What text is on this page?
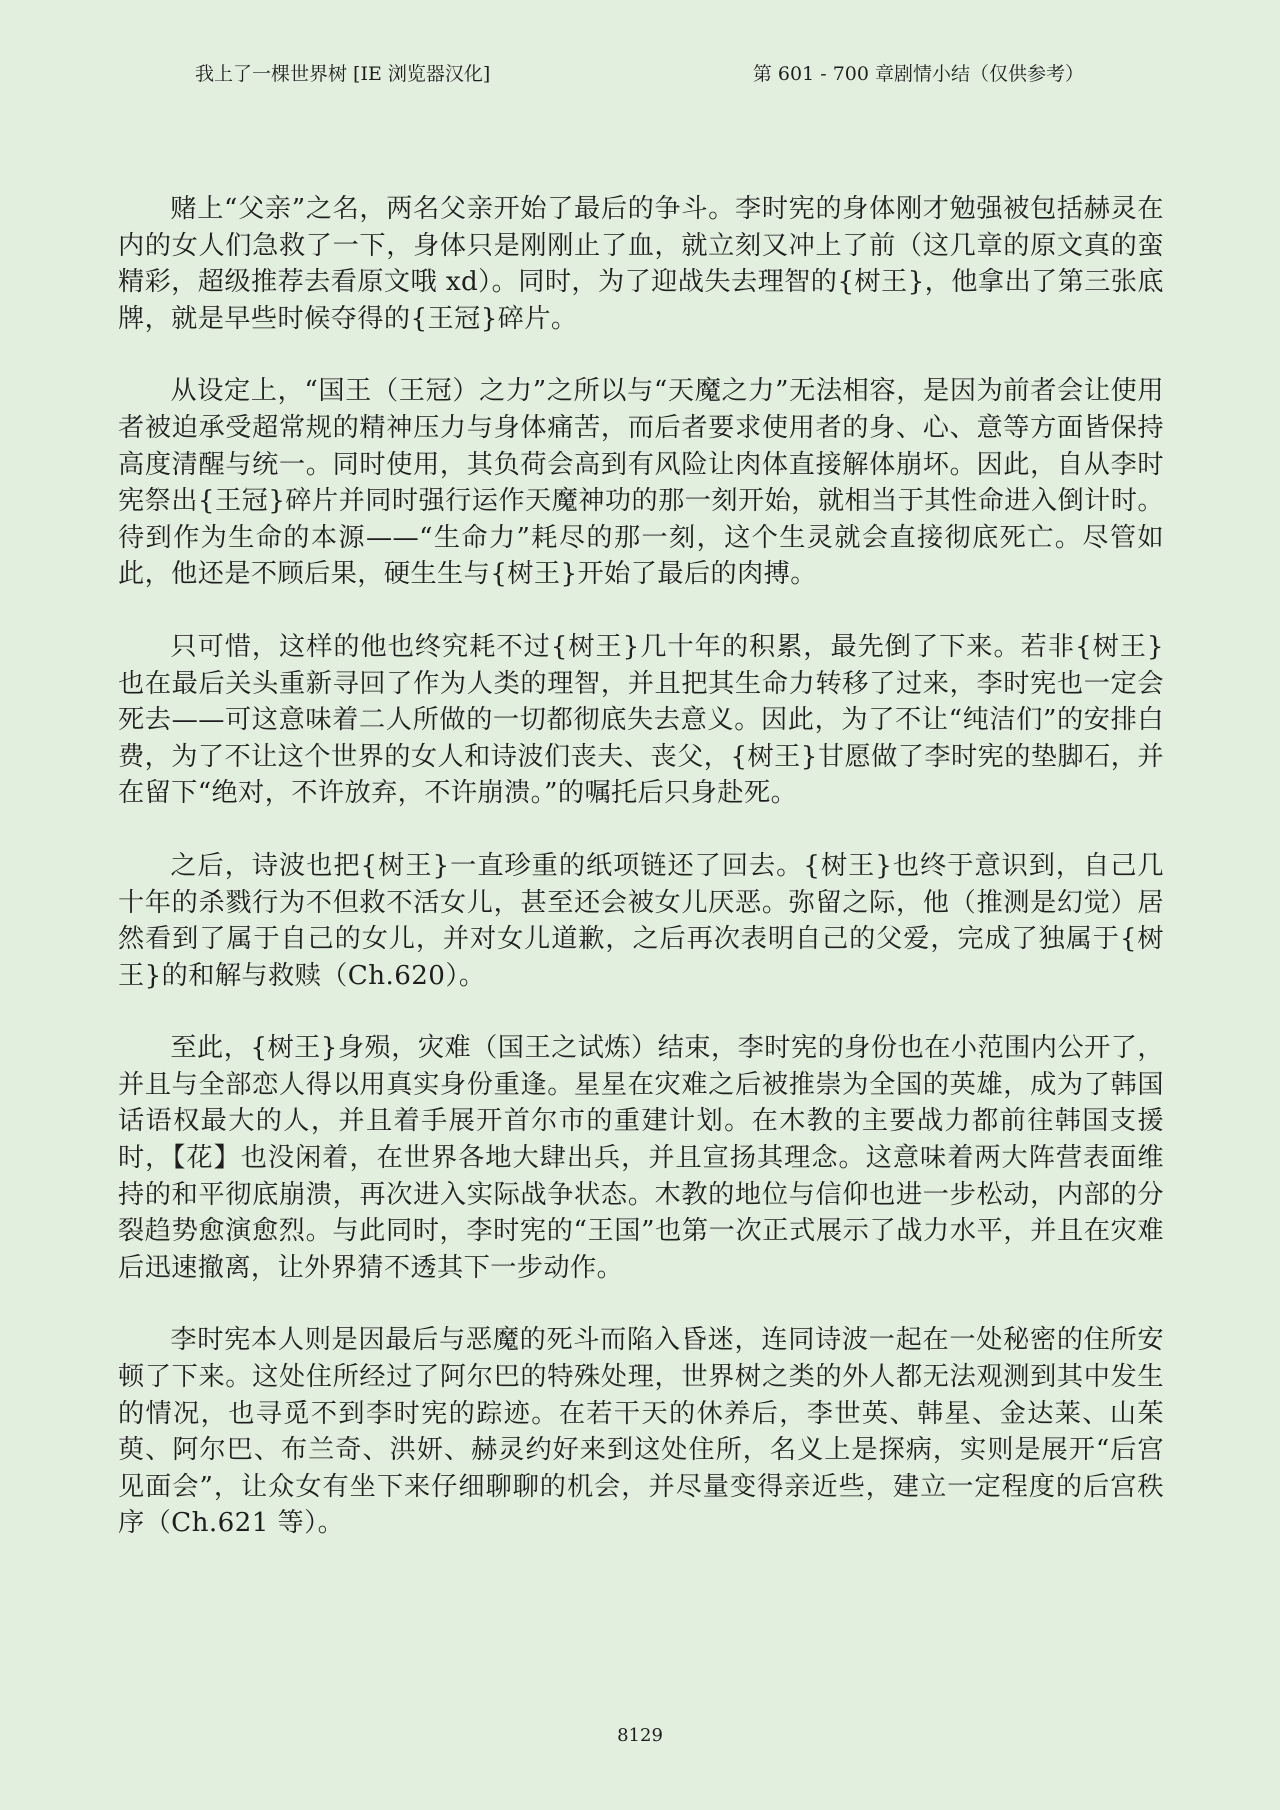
我上了一棵世界树 [IE 浏览器汉化]	第 601 - 700 章剧情小结（仅供参考）

赌上“父亲”之名，两名父亲开始了最后的争斗。李时宪的身体刚才勉强被包括赫灵在内的女人们急救了一下，身体只是刚刚止了血，就立刻又冲上了前（这几章的原文真的蛮精彩，超级推荐去看原文哦 xd）。同时，为了迎战失去理智的{树王}，他拿出了第三张底牌，就是早些时候夺得的{王冠}碎片。

从设定上，“国王（王冠）之力”之所以与“天魔之力”无法相容，是因为前者会让使用者被迫承受超常规的精神压力与身体痛苦，而后者要求使用者的身、心、意等方面皆保持高度清醒与统一。同时使用，其负荷会高到有风险让肉体直接解体崩坏。因此，自从李时宪祭出{王冠}碎片并同时强行运作天魔神功的那一刻开始，就相当于其性命进入倒计时。待到作为生命的本源——“生命力”耗尽的那一刻，这个生灵就会直接彻底死亡。尽管如此，他还是不顾后果，硬生生与{树王}开始了最后的肉搏。

只可惜，这样的他也终究耗不过{树王}几十年的积累，最先倒了下来。若非{树王}也在最后关头重新寻回了作为人类的理智，并且把其生命力转移了过来，李时宪也一定会死去——可这意味着二人所做的一切都彻底失去意义。因此，为了不让“纯洁们”的安排白费，为了不让这个世界的女人和诗波们丧夫、丧父，{树王}甘愿做了李时宪的垫脚石，并在留下“绝对，不许放弃，不许崩溃。”的嘱托后只身赴死。

之后，诗波也把{树王}一直珍重的纸项链还了回去。{树王}也终于意识到，自己几十年的杀戮行为不但救不活女儿，甚至还会被女儿厌恶。弥留之际，他（推测是幻觉）居然看到了属于自己的女儿，并对女儿道歉，之后再次表明自己的父爱，完成了独属于{树王}的和解与救赎（Ch.620）。

至此，{树王}身殒，灾难（国王之试炼）结束，李时宪的身份也在小范围内公开了，并且与全部恋人得以用真实身份重逢。星星在灾难之后被推崇为全国的英雄，成为了韩国话语权最大的人，并且着手展开首尔市的重建计划。在木教的主要战力都前往韩国支援时，【花】也没闲着，在世界各地大肆出兵，并且宣扬其理念。这意味着两大阵营表面维持的和平彻底崩溃，再次进入实际战争状态。木教的地位与信仰也进一步松动，内部的分裂趋势愈演愈烈。与此同时，李时宪的“王国”也第一次正式展示了战力水平，并且在灾难后迅速撤离，让外界猜不透其下一步动作。

李时宪本人则是因最后与恶魔的死斗而陷入昏迷，连同诗波一起在一处秘密的住所安顿了下来。这处住所经过了阿尔巴的特殊处理，世界树之类的外人都无法观测到其中发生的情况，也寻觅不到李时宪的踪迹。在若干天的休养后，李世英、韩星、金达莱、山茱萸、阿尔巴、布兰奇、洪妍、赫灵约好来到这处住所，名义上是探病，实则是展开“后宫见面会”，让众女有坐下来仔细聊聊的机会，并尽量变得亲近些，建立一定程度的后宫秩序（Ch.621 等）。

8129
